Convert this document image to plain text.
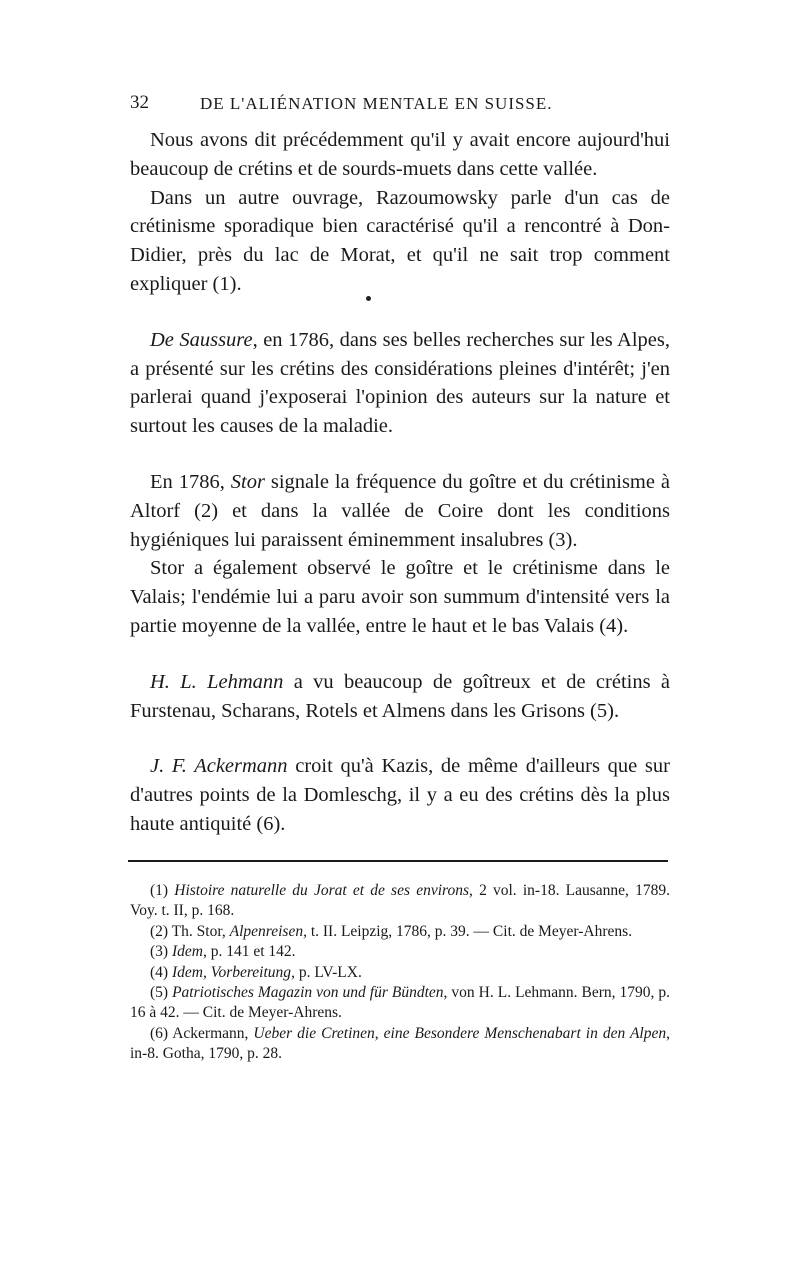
32	DE L'ALIÉNATION MENTALE EN SUISSE.

Nous avons dit précédemment qu'il y avait encore aujourd'hui beaucoup de crétins et de sourds-muets dans cette vallée.

Dans un autre ouvrage, Razoumowsky parle d'un cas de crétinisme sporadique bien caractérisé qu'il a rencontré à Don-Didier, près du lac de Morat, et qu'il ne sait trop comment expliquer (1).

De Saussure, en 1786, dans ses belles recherches sur les Alpes, a présenté sur les crétins des considérations pleines d'intérêt; j'en parlerai quand j'exposerai l'opinion des auteurs sur la nature et surtout les causes de la maladie.

En 1786, Stor signale la fréquence du goître et du crétinisme à Altorf (2) et dans la vallée de Coire dont les conditions hygiéniques lui paraissent éminemment insalubres (3).

Stor a également observé le goître et le crétinisme dans le Valais; l'endémie lui a paru avoir son summum d'intensité vers la partie moyenne de la vallée, entre le haut et le bas Valais (4).

H. L. Lehmann a vu beaucoup de goîtreux et de crétins à Furstenau, Scharans, Rotels et Almens dans les Grisons (5).

J. F. Ackermann croit qu'à Kazis, de même d'ailleurs que sur d'autres points de la Domleschg, il y a eu des crétins dès la plus haute antiquité (6).

(1) Histoire naturelle du Jorat et de ses environs, 2 vol. in-18. Lausanne, 1789. Voy. t. II, p. 168.

(2) Th. Stor, Alpenreisen, t. II. Leipzig, 1786, p. 39. — Cit. de Meyer-Ahrens.

(3) Idem, p. 141 et 142.

(4) Idem, Vorbereitung, p. LV-LX.

(5) Patriotisches Magazin von und für Bündten, von H. L. Lehmann. Bern, 1790, p. 16 à 42. — Cit. de Meyer-Ahrens.

(6) Ackermann, Ueber die Cretinen, eine Besondere Menschenabart in den Alpen, in-8. Gotha, 1790, p. 28.
